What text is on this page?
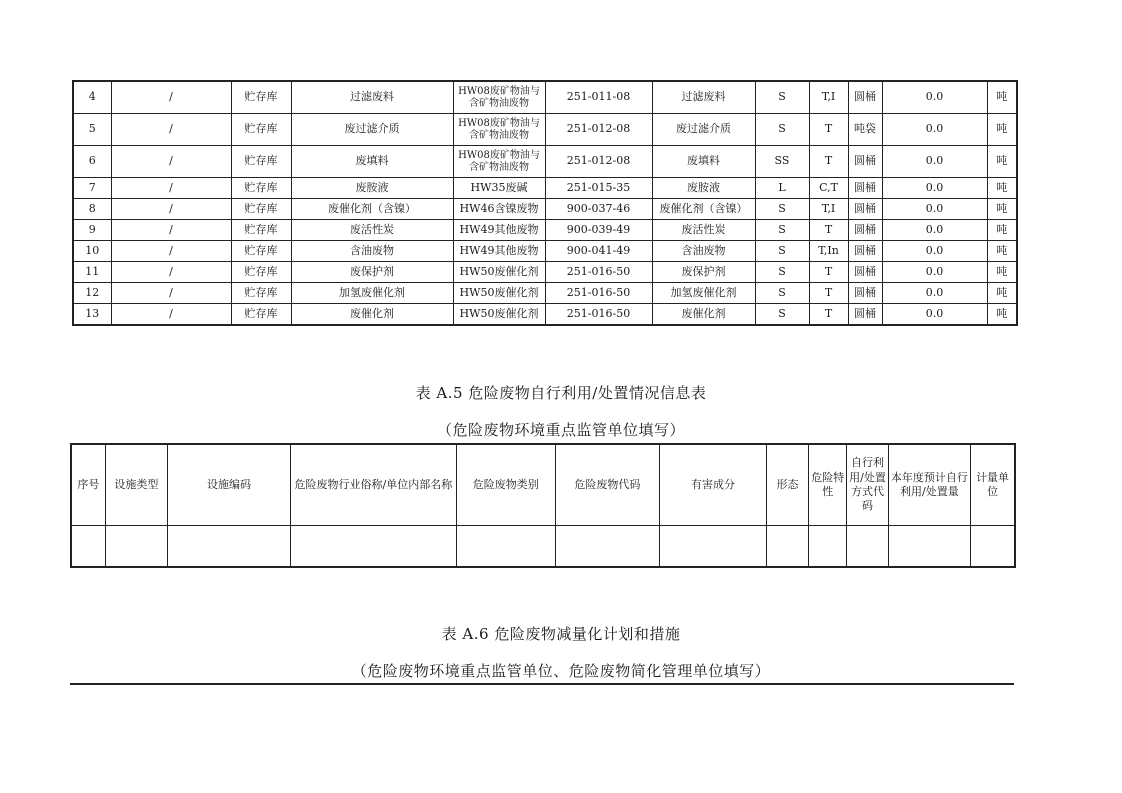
4	/	贮存库	过滤废料	HW08废矿物油与含矿物油废物	251-011-08	过滤废料	S	T,I	圆桶	0.0	吨
5	/	贮存库	废过滤介质	HW08废矿物油与含矿物油废物	251-012-08	废过滤介质	S	T	吨袋	0.0	吨
6	/	贮存库	废填料	HW08废矿物油与含矿物油废物	251-012-08	废填料	SS	T	圆桶	0.0	吨
7	/	贮存库	废胺液	HW35废碱	251-015-35	废胺液	L	C,T	圆桶	0.0	吨
8	/	贮存库	废催化剂（含镍）	HW46含镍废物	900-037-46	废催化剂（含镍）	S	T,I	圆桶	0.0	吨
9	/	贮存库	废活性炭	HW49其他废物	900-039-49	废活性炭	S	T	圆桶	0.0	吨
10	/	贮存库	含油废物	HW49其他废物	900-041-49	含油废物	S	T,In	圆桶	0.0	吨
11	/	贮存库	废保护剂	HW50废催化剂	251-016-50	废保护剂	S	T	圆桶	0.0	吨
12	/	贮存库	加氢废催化剂	HW50废催化剂	251-016-50	加氢废催化剂	S	T	圆桶	0.0	吨
13	/	贮存库	废催化剂	HW50废催化剂	251-016-50	废催化剂	S	T	圆桶	0.0	吨
表 A.5 危险废物自行利用/处置情况信息表
（危险废物环境重点监管单位填写）
序号	设施类型	设施编码	危险废物行业俗称/单位内部名称	危险废物类别	危险废物代码	有害成分	形态	危险特性	自行利用/处置方式代码	本年度预计自行利用/处置量	计量单位

表 A.6 危险废物减量化计划和措施
（危险废物环境重点监管单位、危险废物简化管理单位填写）
